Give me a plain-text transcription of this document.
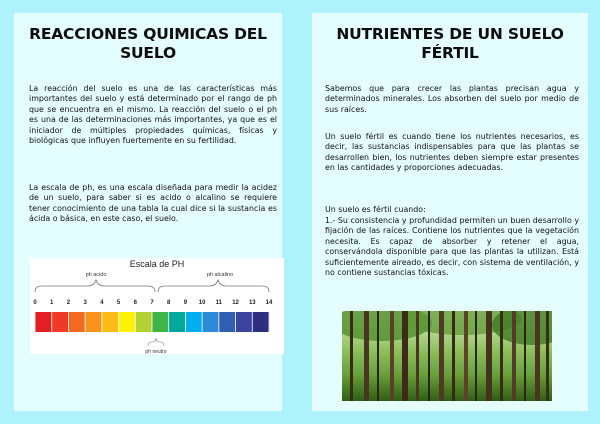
REACCIONES QUIMICAS DEL SUELO

La reacción del suelo es una de las características más importantes del suelo y está determinado por el rango de ph que se encuentra en el mismo. La reacción del suelo o el ph es una de las determinaciones más importantes, ya que es el iniciador de múltiples propiedades químicas, físicas y biológicas que influyen fuertemente en su fertilidad.

La escala de ph, es una escala diseñada para medir la acidez de un suelo, para saber si es acido o alcalino se requiere tener conocimiento de una tabla la cual dice si la sustancia es ácida o básica, en este caso, el suelo.

Escala de PH
ph acido	ph alcalino
ph neutro
0 1 2 3 4 5 6 7 8 9 10 11 12 13 14
NUTRIENTES DE UN SUELO FÉRTIL

Sabemos que para crecer las plantas precisan agua y determinados minerales. Los absorben del suelo por medio de sus raíces.

Un suelo fértil es cuando tiene los nutrientes necesarios, es decir, las sustancias indispensables para que las plantas se desarrollen bien, los nutrientes deben siempre estar presentes en las cantidades y proporciones adecuadas.

Un suelo es fértil cuando:

1.- Su consistencia y profundidad permiten un buen desarrollo y fijación de las raíces. Contiene los nutrientes que la vegetación necesita. Es capaz de absorber y retener el agua, conservándola disponible para que las plantas la utilizan. Está suficientemente aireado, es decir, con sistema de ventilación, y no contiene sustancias tóxicas.
